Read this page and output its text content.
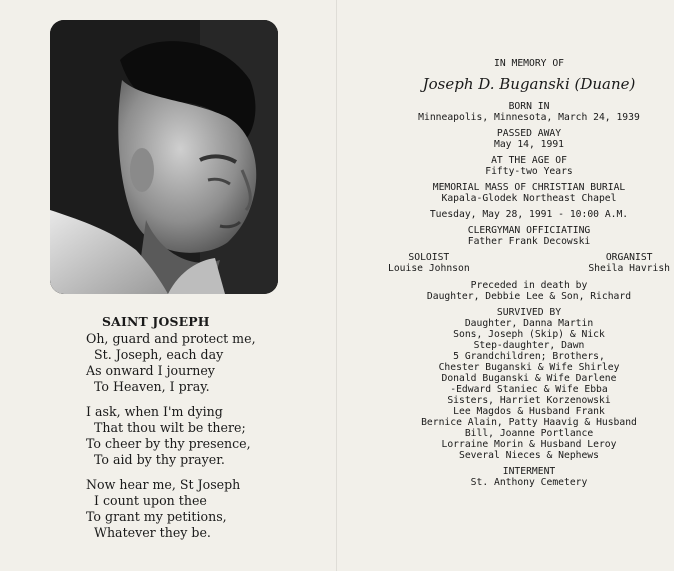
SAINT JOSEPH
Oh, guard and protect me,
St. Joseph, each day
As onward I journey
To Heaven, I pray.
I ask, when I'm dying
That thou wilt be there;
To cheer by thy presence,
To aid by thy prayer.
Now hear me, St Joseph
I count upon thee
To grant my petitions,
Whatever they be.
IN MEMORY OF
Joseph D. Buganski (Duane)
BORN IN
Minneapolis, Minnesota, March 24, 1939
PASSED AWAY
May 14, 1991
AT THE AGE OF
Fifty-two Years
MEMORIAL MASS OF CHRISTIAN BURIAL
Kapala-Glodek Northeast Chapel
Tuesday, May 28, 1991 - 10:00 A.M.
CLERGYMAN OFFICIATING
Father Frank Decowski
SOLOIST
Louise Johnson
ORGANIST
Sheila Havrish
Preceded in death by
Daughter, Debbie Lee & Son, Richard
SURVIVED BY
Daughter, Danna Martin
Sons, Joseph (Skip) & Nick
Step-daughter, Dawn
5 Grandchildren; Brothers,
Chester Buganski & Wife Shirley
Donald Buganski & Wife Darlene
-Edward Staniec & Wife Ebba
Sisters, Harriet Korzenowski
Lee Magdos & Husband Frank
Bernice Alain, Patty Haavig & Husband
Bill, Joanne Portlance
Lorraine Morin & Husband Leroy
Several Nieces & Nephews
INTERMENT
St. Anthony Cemetery
